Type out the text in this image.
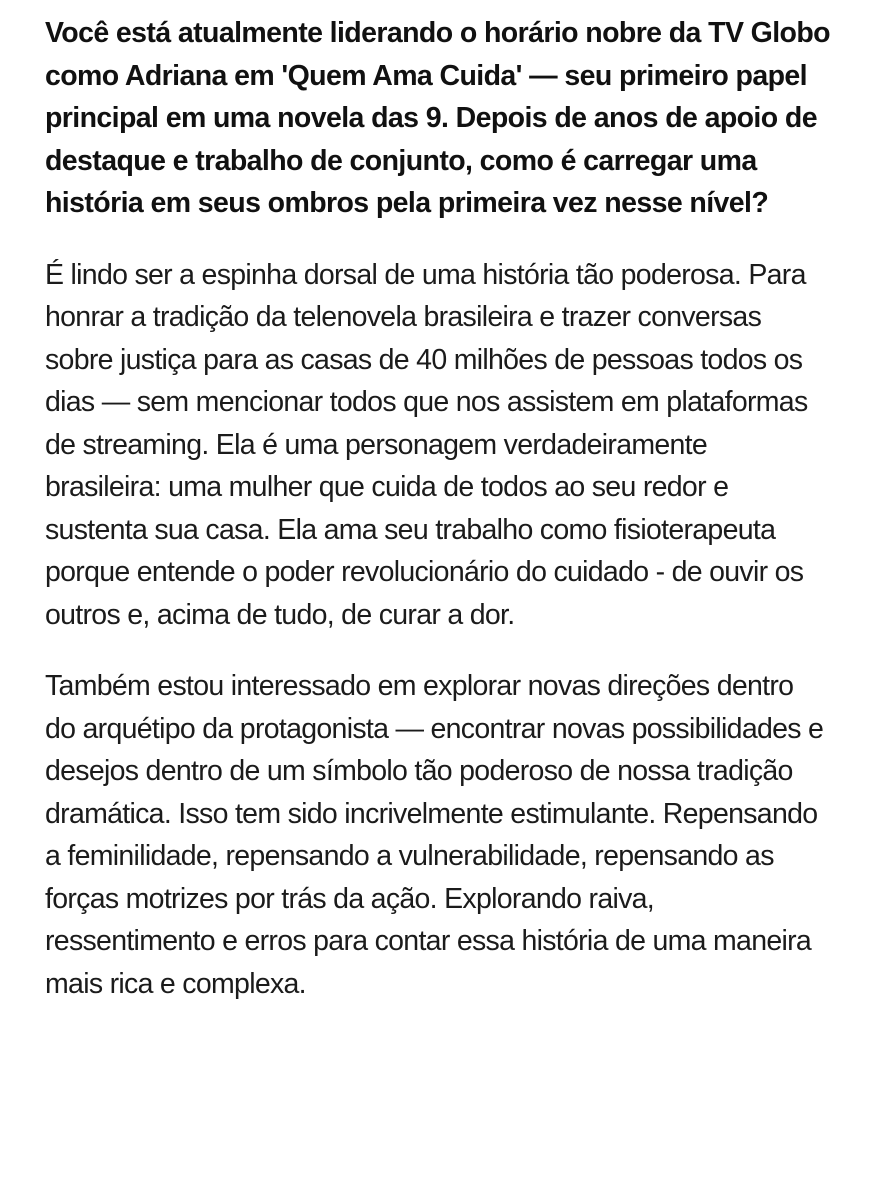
Você está atualmente liderando o horário nobre da TV Globo como Adriana em 'Quem Ama Cuida' — seu primeiro papel principal em uma novela das 9. Depois de anos de apoio de destaque e trabalho de conjunto, como é carregar uma história em seus ombros pela primeira vez nesse nível?

É lindo ser a espinha dorsal de uma história tão poderosa. Para honrar a tradição da telenovela brasileira e trazer conversas sobre justiça para as casas de 40 milhões de pessoas todos os dias — sem mencionar todos que nos assistem em plataformas de streaming. Ela é uma personagem verdadeiramente brasileira: uma mulher que cuida de todos ao seu redor e sustenta sua casa. Ela ama seu trabalho como fisioterapeuta porque entende o poder revolucionário do cuidado - de ouvir os outros e, acima de tudo, de curar a dor.

Também estou interessado em explorar novas direções dentro do arquétipo da protagonista — encontrar novas possibilidades e desejos dentro de um símbolo tão poderoso de nossa tradição dramática. Isso tem sido incrivelmente estimulante. Repensando a feminilidade, repensando a vulnerabilidade, repensando as forças motrizes por trás da ação. Explorando raiva, ressentimento e erros para contar essa história de uma maneira mais rica e complexa.
